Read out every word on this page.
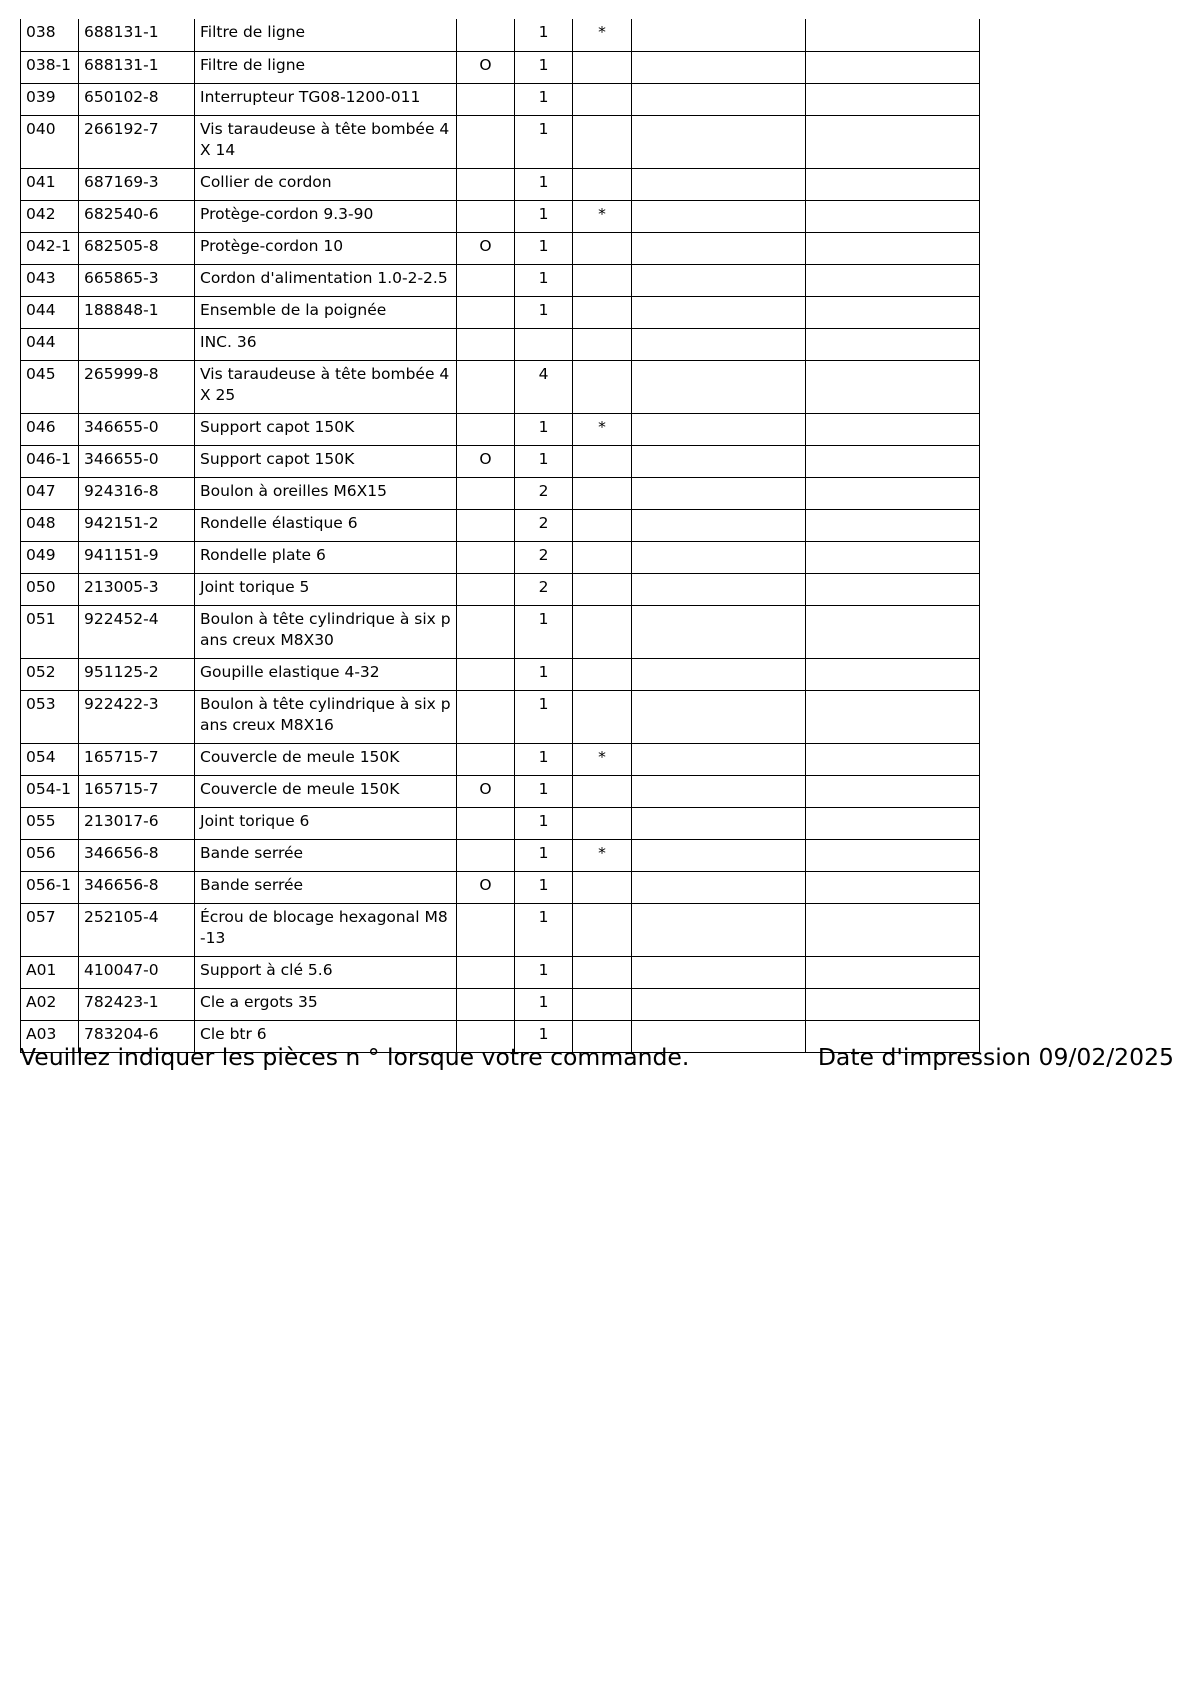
038	688131-1	Filtre de ligne		1	*		
038-1	688131-1	Filtre de ligne	O	1			
039	650102-8	Interrupteur TG08-1200-011		1			
040	266192-7	Vis taraudeuse à tête bombée 4X 14		1			
041	687169-3	Collier de cordon		1			
042	682540-6	Protège-cordon 9.3-90		1	*		
042-1	682505-8	Protège-cordon 10	O	1			
043	665865-3	Cordon d'alimentation 1.0-2-2.5		1			
044	188848-1	Ensemble de la poignée		1			
044		INC. 36					
045	265999-8	Vis taraudeuse à tête bombée 4X 25		4			
046	346655-0	Support capot 150K		1	*		
046-1	346655-0	Support capot 150K	O	1			
047	924316-8	Boulon à oreilles M6X15		2			
048	942151-2	Rondelle élastique 6		2			
049	941151-9	Rondelle plate 6		2			
050	213005-3	Joint torique 5		2			
051	922452-4	Boulon à tête cylindrique à six pans creux M8X30		1			
052	951125-2	Goupille elastique 4-32		1			
053	922422-3	Boulon à tête cylindrique à six pans creux M8X16		1			
054	165715-7	Couvercle de meule 150K		1	*		
054-1	165715-7	Couvercle de meule 150K	O	1			
055	213017-6	Joint torique 6		1			
056	346656-8	Bande serrée		1	*		
056-1	346656-8	Bande serrée	O	1			
057	252105-4	Écrou de blocage hexagonal M8-13		1			
A01	410047-0	Support à clé 5.6		1			
A02	782423-1	Cle a ergots 35		1			
A03	783204-6	Cle btr 6		1			
Veuillez indiquer les pièces n ° lorsque votre commande.	Date d'impression 09/02/2025
